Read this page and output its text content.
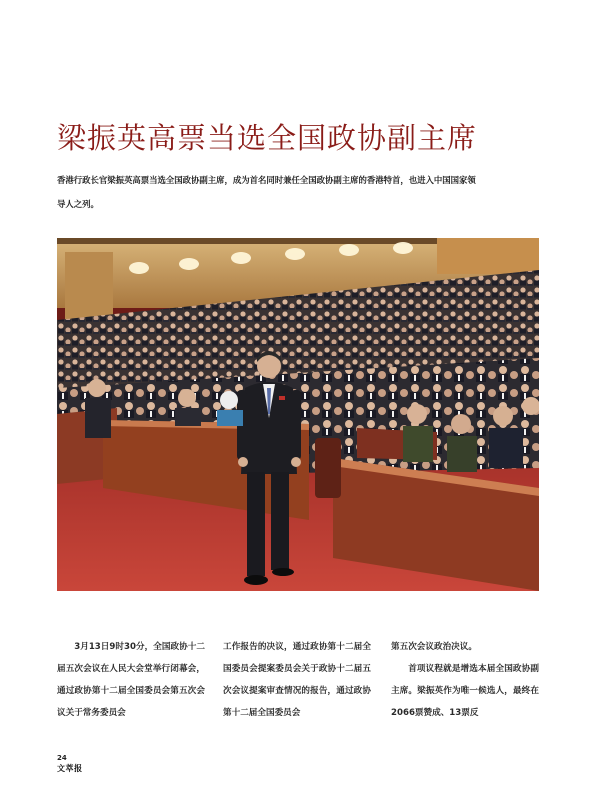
梁振英高票当选全国政协副主席
香港行政长官梁振英高票当选全国政协副主席，成为首名同时兼任全国政协副主席的香港特首，也进入中国国家领导人之列。

3月13日9时30分，全国政协十二届五次会议在人民大会堂举行闭幕会，通过政协第十二届全国委员会第五次会议关于常务委员会

工作报告的决议，通过政协第十二届全国委员会提案委员会关于政协十二届五次会议提案审查情况的报告，通过政协第十二届全国委员会

第五次会议政治决议。

首项议程就是增选本届全国政协副主席。梁振英作为唯一候选人，最终在2066票赞成、13票反

24
文萃报
